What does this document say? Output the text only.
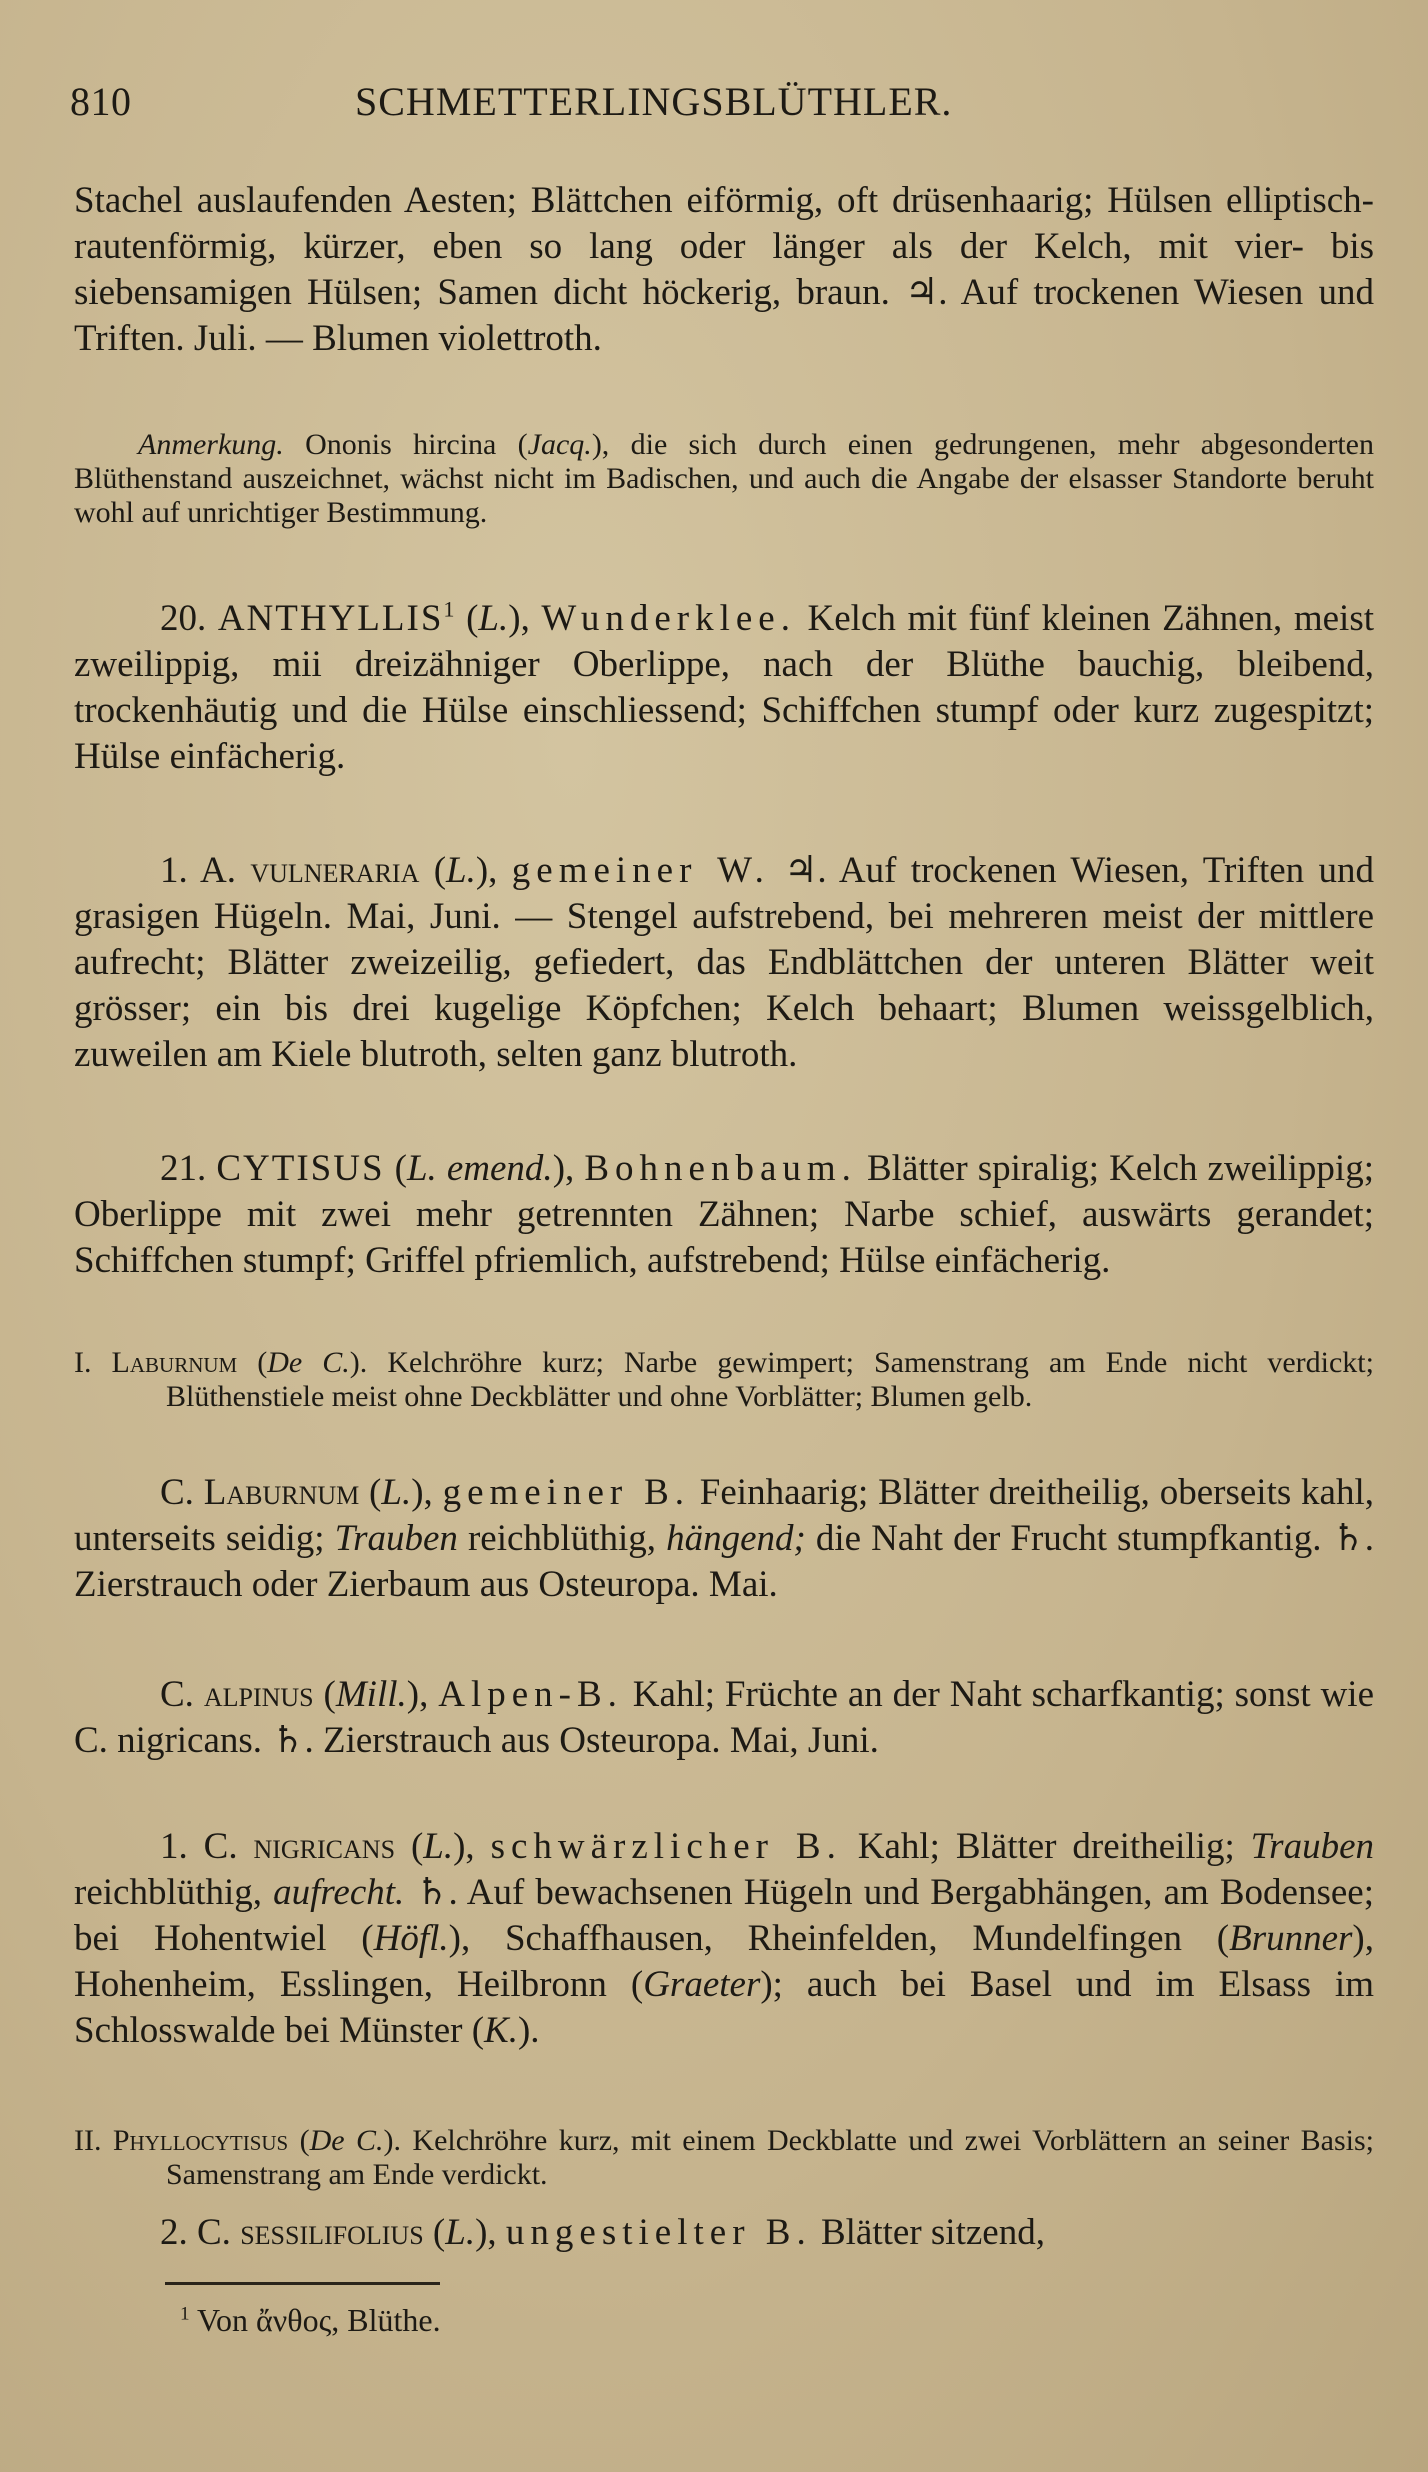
810	SCHMETTERLINGSBLÜTHLER.

Stachel auslaufenden Aesten; Blättchen eiförmig, oft drüsenhaarig; Hülsen elliptisch-rautenförmig, kürzer, eben so lang oder länger als der Kelch, mit vier- bis siebensamigen Hülsen; Samen dicht höckerig, braun. ♃. Auf trockenen Wiesen und Triften. Juli. — Blumen violettroth.

Anmerkung. Ononis hircina (Jacq.), die sich durch einen gedrungenen, mehr abgesonderten Blüthenstand auszeichnet, wächst nicht im Badischen, und auch die Angabe der elsasser Standorte beruht wohl auf unrichtiger Bestimmung.

20. ANTHYLLIS$^1$ (L.), Wunderklee. Kelch mit fünf kleinen Zähnen, meist zweilippig, mii dreizähniger Oberlippe, nach der Blüthe bauchig, bleibend, trockenhäutig und die Hülse einschliessend; Schiffchen stumpf oder kurz zugespitzt; Hülse einfächerig.

1. A. vulneraria (L.), gemeiner W. ♃. Auf trockenen Wiesen, Triften und grasigen Hügeln. Mai, Juni. — Stengel aufstrebend, bei mehreren meist der mittlere aufrecht; Blätter zweizeilig, gefiedert, das Endblättchen der unteren Blätter weit grösser; ein bis drei kugelige Köpfchen; Kelch behaart; Blumen weissgelblich, zuweilen am Kiele blutroth, selten ganz blutroth.

21. CYTISUS (L. emend.), Bohnenbaum. Blätter spiralig; Kelch zweilippig; Oberlippe mit zwei mehr getrennten Zähnen; Narbe schief, auswärts gerandet; Schiffchen stumpf; Griffel pfriemlich, aufstrebend; Hülse einfächerig.

I. Laburnum (De C.). Kelchröhre kurz; Narbe gewimpert; Samenstrang am Ende nicht verdickt; Blüthenstiele meist ohne Deckblätter und ohne Vorblätter; Blumen gelb.

C. Laburnum (L.), gemeiner B. Feinhaarig; Blätter dreitheilig, oberseits kahl, unterseits seidig; Trauben reichblüthig, hängend; die Naht der Frucht stumpfkantig. ♄. Zierstrauch oder Zierbaum aus Osteuropa. Mai.

C. alpinus (Mill.), Alpen-B. Kahl; Früchte an der Naht scharfkantig; sonst wie C. nigricans. ♄. Zierstrauch aus Osteuropa. Mai, Juni.

1. C. nigricans (L.), schwärzlicher B. Kahl; Blätter dreitheilig; Trauben reichblüthig, aufrecht. ♄. Auf bewachsenen Hügeln und Bergabhängen, am Bodensee; bei Hohentwiel (Höfl.), Schaffhausen, Rheinfelden, Mundelfingen (Brunner), Hohenheim, Esslingen, Heilbronn (Graeter); auch bei Basel und im Elsass im Schlosswalde bei Münster (K.).

II. Phyllocytisus (De C.). Kelchröhre kurz, mit einem Deckblatte und zwei Vorblättern an seiner Basis; Samenstrang am Ende verdickt.

2. C. sessilifolius (L.), ungestielter B. Blätter sitzend,

$^1$ Von ἄνθος, Blüthe.
